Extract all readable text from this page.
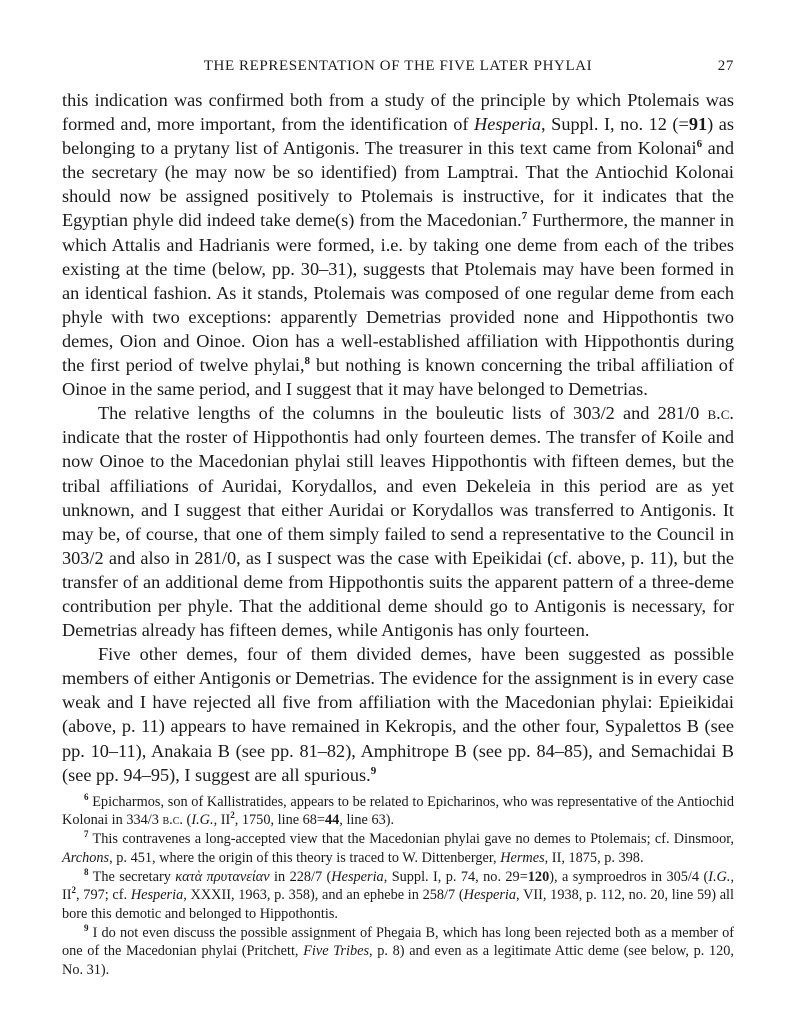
THE REPRESENTATION OF THE FIVE LATER PHYLAI	27

this indication was confirmed both from a study of the principle by which Ptolemais was formed and, more important, from the identification of Hesperia, Suppl. I, no. 12 (=91) as belonging to a prytany list of Antigonis. The treasurer in this text came from Kolonai$^6$ and the secretary (he may now be so identified) from Lamptrai. That the Antiochid Kolonai should now be assigned positively to Ptolemais is instructive, for it indicates that the Egyptian phyle did indeed take deme(s) from the Macedonian.$^7$ Furthermore, the manner in which Attalis and Hadrianis were formed, i.e. by taking one deme from each of the tribes existing at the time (below, pp. 30–31), suggests that Ptolemais may have been formed in an identical fashion. As it stands, Ptolemais was composed of one regular deme from each phyle with two exceptions: apparently Demetrias provided none and Hippothontis two demes, Oion and Oinoe. Oion has a well-established affiliation with Hippothontis during the first period of twelve phylai,$^8$ but nothing is known concerning the tribal affiliation of Oinoe in the same period, and I suggest that it may have belonged to Demetrias.

The relative lengths of the columns in the bouleutic lists of 303/2 and 281/0 b.c. indicate that the roster of Hippothontis had only fourteen demes. The transfer of Koile and now Oinoe to the Macedonian phylai still leaves Hippothontis with fifteen demes, but the tribal affiliations of Auridai, Korydallos, and even Dekeleia in this period are as yet unknown, and I suggest that either Auridai or Korydallos was transferred to Antigonis. It may be, of course, that one of them simply failed to send a representative to the Council in 303/2 and also in 281/0, as I suspect was the case with Epeikidai (cf. above, p. 11), but the transfer of an additional deme from Hippothontis suits the apparent pattern of a three-deme contribution per phyle. That the additional deme should go to Antigonis is necessary, for Demetrias already has fifteen demes, while Antigonis has only fourteen.

Five other demes, four of them divided demes, have been suggested as possible members of either Antigonis or Demetrias. The evidence for the assignment is in every case weak and I have rejected all five from affiliation with the Macedonian phylai: Epieikidai (above, p. 11) appears to have remained in Kekropis, and the other four, Sypalettos B (see pp. 10–11), Anakaia B (see pp. 81–82), Amphitrope B (see pp. 84–85), and Semachidai B (see pp. 94–95), I suggest are all spurious.$^9$

$^6$ Epicharmos, son of Kallistratides, appears to be related to Epicharinos, who was representative of the Antiochid Kolonai in 334/3 b.c. (I.G., $II^2$, 1750, line 68=44, line 63).

$^7$ This contravenes a long-accepted view that the Macedonian phylai gave no demes to Ptolemais; cf. Dinsmoor, Archons, p. 451, where the origin of this theory is traced to W. Dittenberger, Hermes, II, 1875, p. 398.

$^8$ The secretary κατὰ πρυτανείαν in 228/7 (Hesperia, Suppl. I, p. 74, no. 29=120), a symproedros in 305/4 (I.G., $II^2$, 797; cf. Hesperia, XXXII, 1963, p. 358), and an ephebe in 258/7 (Hesperia, VII, 1938, p. 112, no. 20, line 59) all bore this demotic and belonged to Hippothontis.

$^9$ I do not even discuss the possible assignment of Phegaia B, which has long been rejected both as a member of one of the Macedonian phylai (Pritchett, Five Tribes, p. 8) and even as a legitimate Attic deme (see below, p. 120, No. 31).
